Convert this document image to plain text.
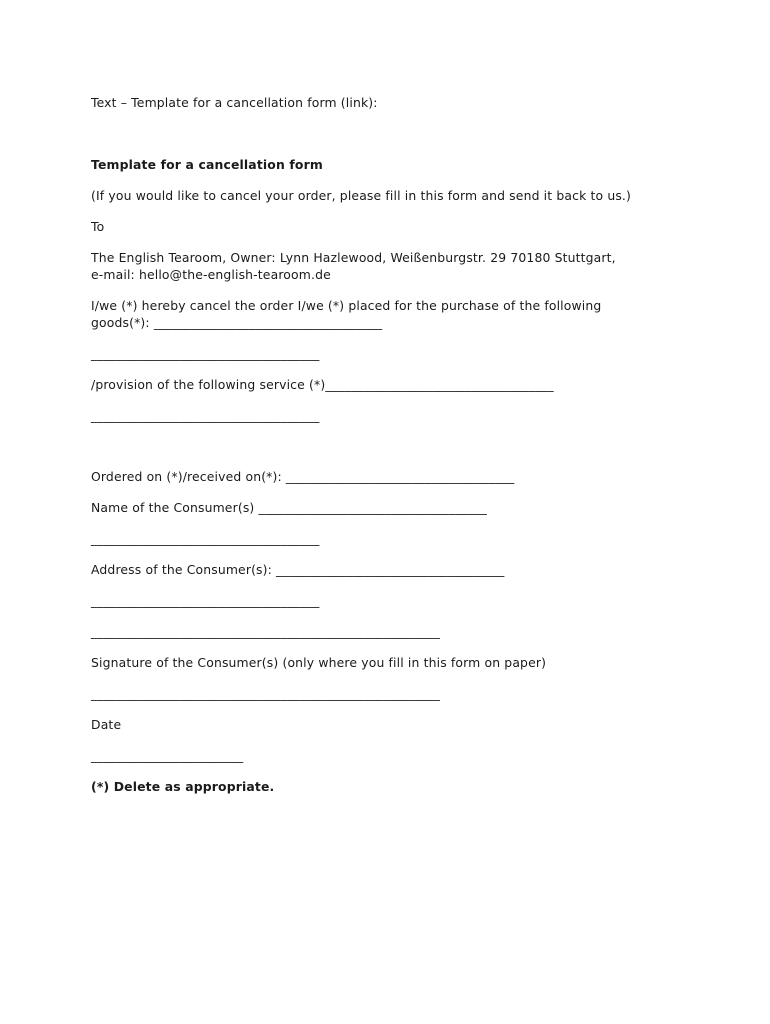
Text – Template for a cancellation form (link):
Template for a cancellation form
(If you would like to cancel your order, please fill in this form and send it back to us.)
To
The English Tearoom, Owner: Lynn Hazlewood, Weißenburgstr. 29 70180 Stuttgart,
e-mail: hello@the-english-tearoom.de
I/we (*) hereby cancel the order I/we (*) placed for the purchase of the following
goods(*): ____________________________________
____________________________________
/provision of the following service (*)____________________________________
____________________________________
Ordered on (*)/received on(*): ____________________________________
Name of the Consumer(s) ____________________________________
____________________________________
Address of the Consumer(s): ____________________________________
____________________________________
_______________________________________________________
Signature of the Consumer(s) (only where you fill in this form on paper)
_______________________________________________________
Date
________________________
(*) Delete as appropriate.
